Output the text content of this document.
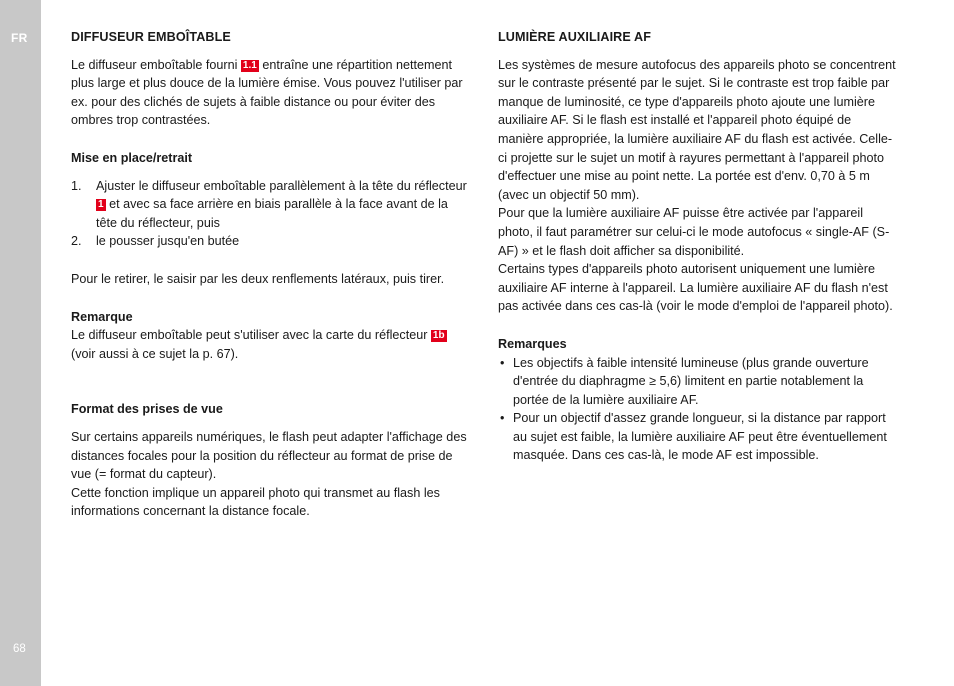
FR
68
DIFFUSEUR EMBOÎTABLE

Le diffuseur emboîtable fourni 1.1 entraîne une répartition nettement plus large et plus douce de la lumière émise. Vous pouvez l'utiliser par ex. pour des clichés de sujets à faible distance ou pour éviter des ombres trop contrastées.

Mise en place/retrait
1. Ajuster le diffuseur emboîtable parallèlement à la tête du réflecteur 1 et avec sa face arrière en biais parallèle à la face avant de la tête du réflecteur, puis
2. le pousser jusqu'en butée

Pour le retirer, le saisir par les deux renflements latéraux, puis tirer.

Remarque

Le diffuseur emboîtable peut s'utiliser avec la carte du réflecteur 1b (voir aussi à ce sujet la p. 67).

Format des prises de vue

Sur certains appareils numériques, le flash peut adapter l'affichage des distances focales pour la position du réflecteur au format de prise de vue (= format du capteur).

Cette fonction implique un appareil photo qui transmet au flash les informations concernant la distance focale.

LUMIÈRE AUXILIAIRE AF

Les systèmes de mesure autofocus des appareils photo se concentrent sur le contraste présenté par le sujet. Si le contraste est trop faible par manque de luminosité, ce type d'appareils photo ajoute une lumière auxiliaire AF. Si le flash est installé et l'appareil photo équipé de manière appropriée, la lumière auxiliaire AF du flash est activée. Celle-ci projette sur le sujet un motif à rayures permettant à l'appareil photo d'effectuer une mise au point nette. La portée est d'env. 0,70 à 5 m (avec un objectif 50 mm).

Pour que la lumière auxiliaire AF puisse être activée par l'appareil photo, il faut paramétrer sur celui-ci le mode autofocus « single-AF (S-AF) » et le flash doit afficher sa disponibilité.

Certains types d'appareils photo autorisent uniquement une lumière auxiliaire AF interne à l'appareil. La lumière auxiliaire AF du flash n'est pas activée dans ces cas-là (voir le mode d'emploi de l'appareil photo).

Remarques
• Les objectifs à faible intensité lumineuse (plus grande ouverture d'entrée du diaphragme ≥ 5,6) limitent en partie notablement la portée de la lumière auxiliaire AF.
• Pour un objectif d'assez grande longueur, si la distance par rapport au sujet est faible, la lumière auxiliaire AF peut être éventuellement masquée. Dans ces cas-là, le mode AF est impossible.
